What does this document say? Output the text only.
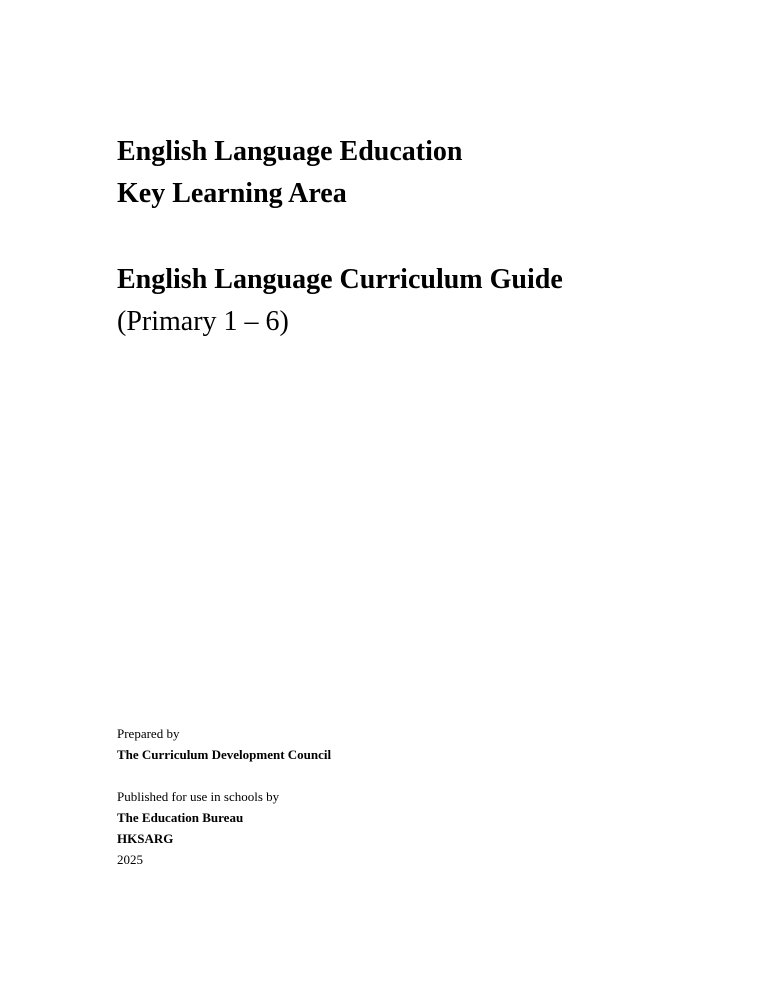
English Language Education
Key Learning Area
English Language Curriculum Guide
(Primary 1 – 6)

Prepared by

The Curriculum Development Council

Published for use in schools by

The Education Bureau

HKSARG

2025
